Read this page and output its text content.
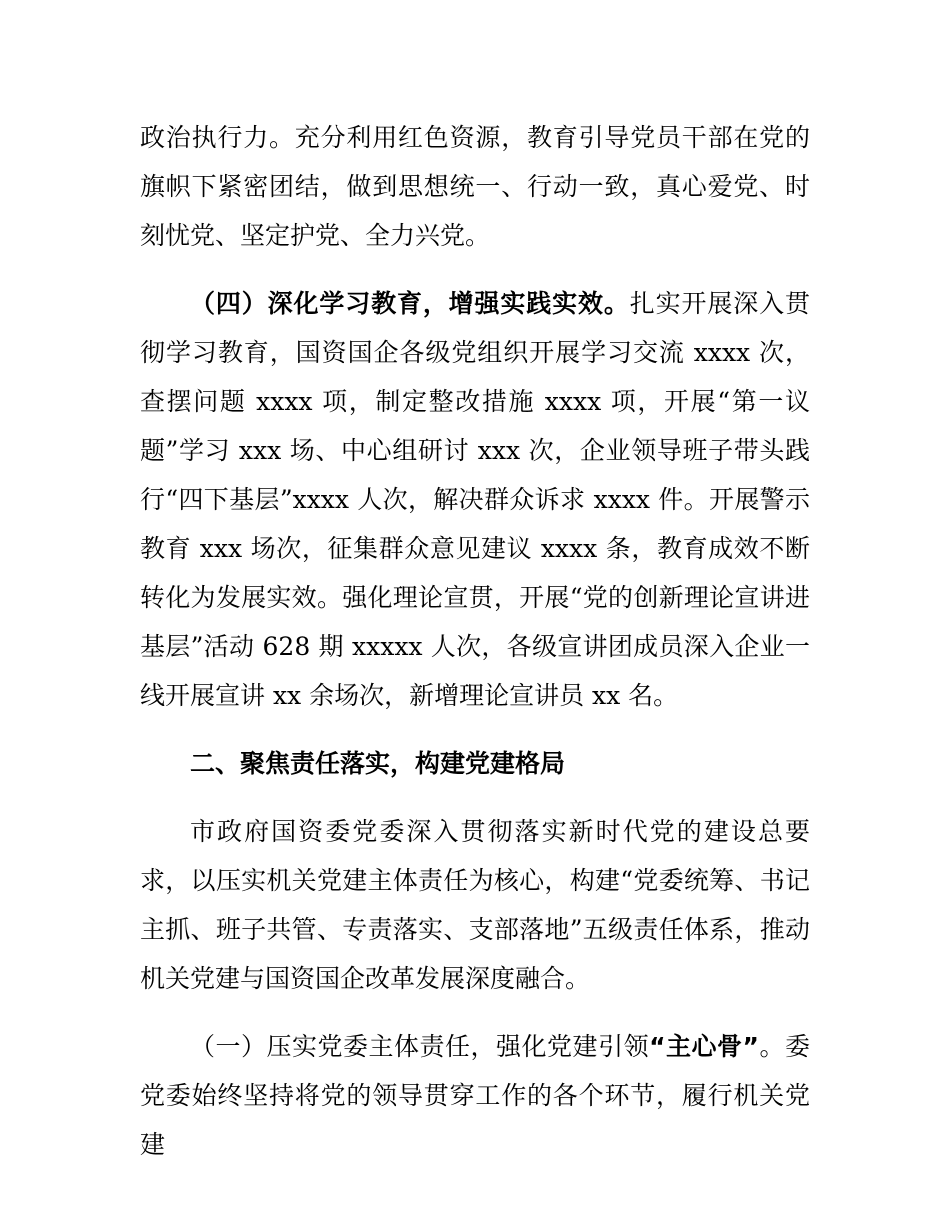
政治执行力。充分利用红色资源，教育引导党员干部在党的旗帜下紧密团结，做到思想统一、行动一致，真心爱党、时刻忧党、坚定护党、全力兴党。

（四）深化学习教育，增强实践实效。扎实开展深入贯彻学习教育，国资国企各级党组织开展学习交流 xxxx 次，查摆问题 xxxx 项，制定整改措施 xxxx 项，开展“第一议题”学习 xxx 场、中心组研讨 xxx 次，企业领导班子带头践行“四下基层”xxxx 人次，解决群众诉求 xxxx 件。开展警示教育 xxx 场次，征集群众意见建议 xxxx 条，教育成效不断转化为发展实效。强化理论宣贯，开展“党的创新理论宣讲进基层”活动 628 期 xxxxx 人次，各级宣讲团成员深入企业一线开展宣讲 xx 余场次，新增理论宣讲员 xx 名。

二、聚焦责任落实，构建党建格局

市政府国资委党委深入贯彻落实新时代党的建设总要求，以压实机关党建主体责任为核心，构建“党委统筹、书记主抓、班子共管、专责落实、支部落地”五级责任体系，推动机关党建与国资国企改革发展深度融合。

（一）压实党委主体责任，强化党建引领“主心骨”。委党委始终坚持将党的领导贯穿工作的各个环节，履行机关党建
